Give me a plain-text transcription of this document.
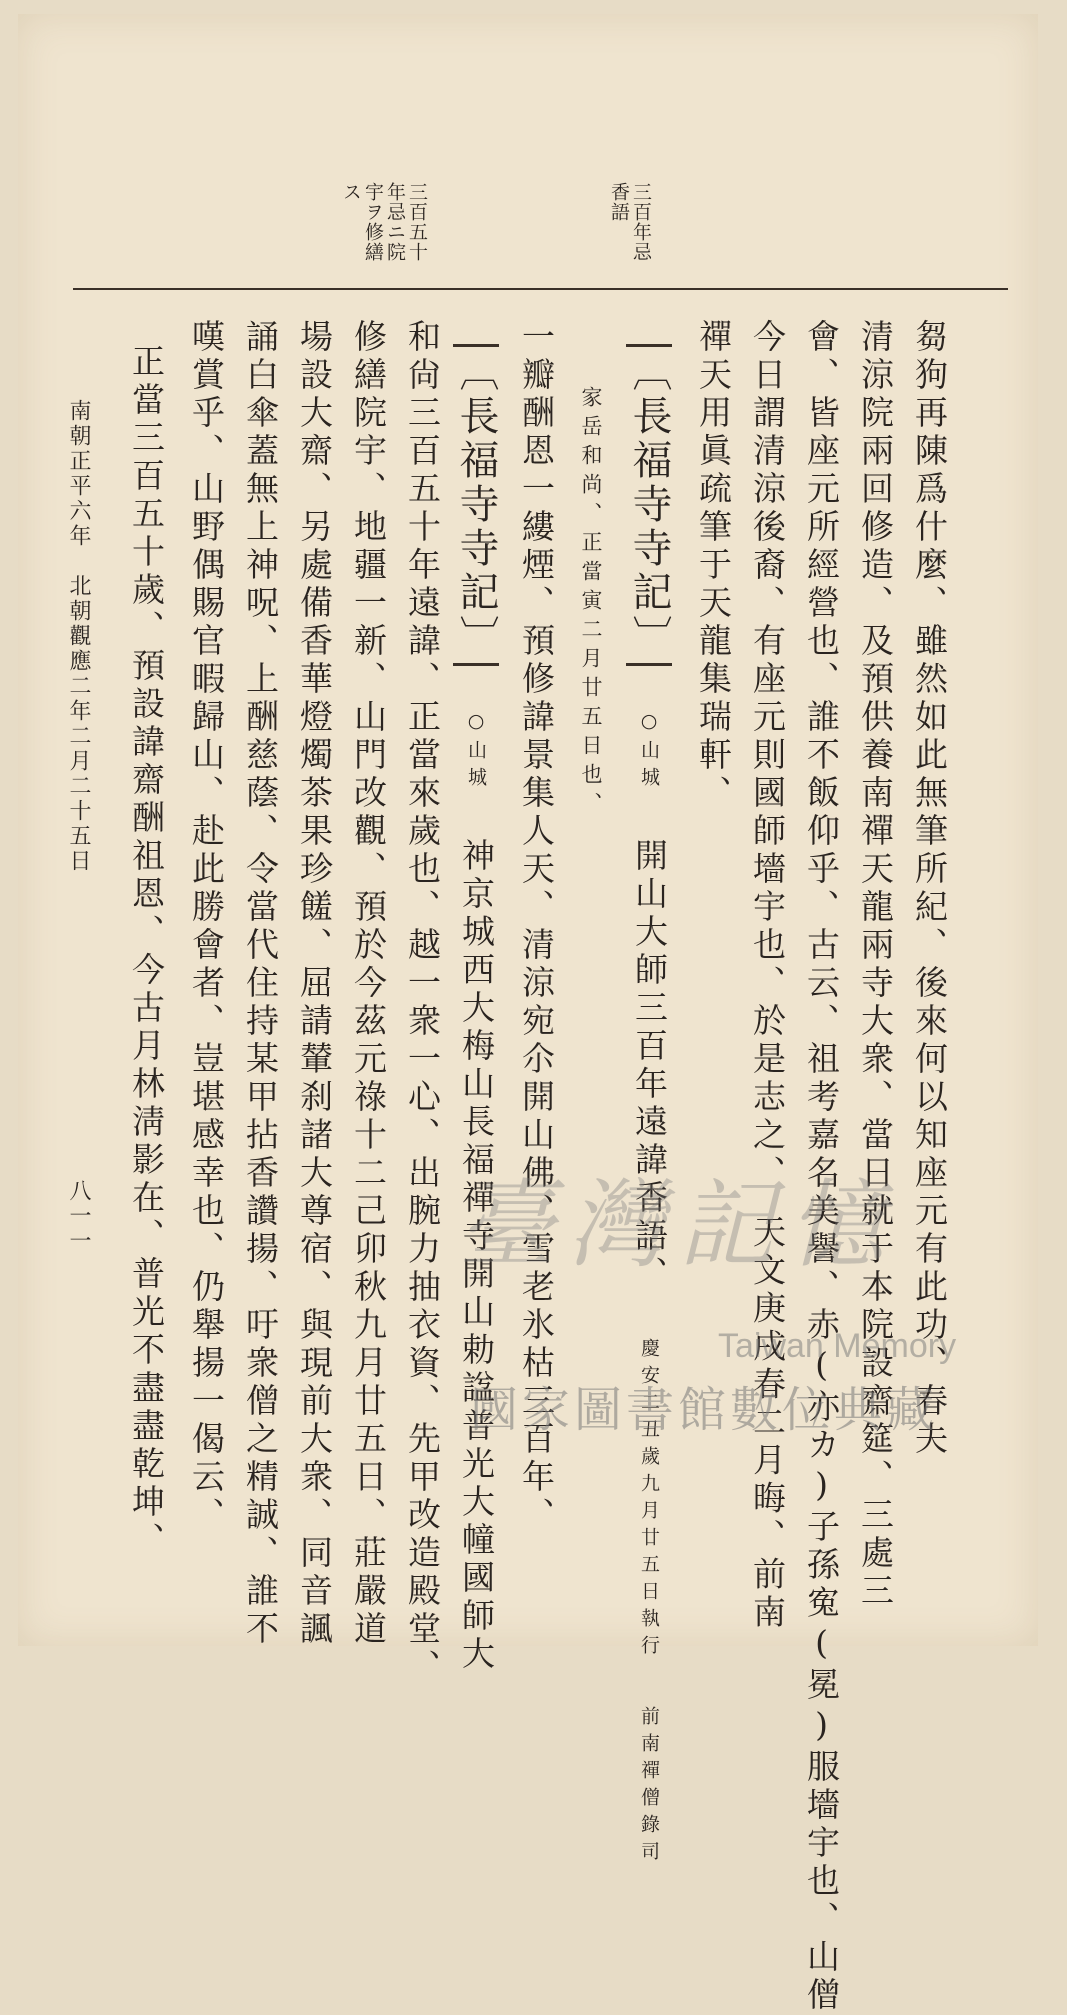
三百年忌
香語
三百五十
年忌ニ院
宇ヲ修繕
ス
芻狗再陳爲什麼、雖然如此無筆所紀、後來何以知座元有此功、春夫
清涼院兩回修造、及預供養南禪天龍兩寺大衆、當日就于本院設齋筵、三處三
會、皆座元所經營也、誰不飯仰乎、古云、祖考嘉名美譽、赤(亦カ)子孫寃(冕)服墻宇也、山僧
今日謂清涼後裔、有座元則國師墻宇也、於是志之、　天文庚戌春二月晦、前南
禪天用眞疏筆于天龍集瑞軒、
〔長福寺寺記〕 ○山城 開山大師三百年遠諱香語、 慶安二丑歲九月廿五日執行 前南禪僧錄司
家岳和尚、正當寅二月廿五日也、
一瓣酬恩一縷煙、預修諱景集人天、清涼宛尒開山佛、雪老氷枯三百年、
〔長福寺寺記〕 ○山城 神京城西大梅山長福禪寺開山勅諡普光大幢國師大
和尙三百五十年遠諱、正當來歲也、越一衆一心、出腕力抽衣資、先甲改造殿堂、
修繕院宇、地疆一新、山門改觀、預於今茲元祿十二己卯秋九月廿五日、莊嚴道
場設大齋、另處備香華燈燭茶果珍饈、屈請輦刹諸大尊宿、與現前大衆、同音諷
誦白傘蓋無上神呪、上酬慈蔭、令當代住持某甲拈香讚揚、吁衆僧之精誠、誰不
嘆賞乎、山野偶賜官暇歸山、赴此勝會者、豈堪感幸也、仍舉揚一偈云、
正當三百五十歲、預設諱齋酬祖恩、今古月林淸影在、普光不盡盡乾坤、
南朝正平六年　北朝觀應二年二月二十五日
八一一	臺灣記憶
Taiwan Memory
國家圖書館數位典藏
